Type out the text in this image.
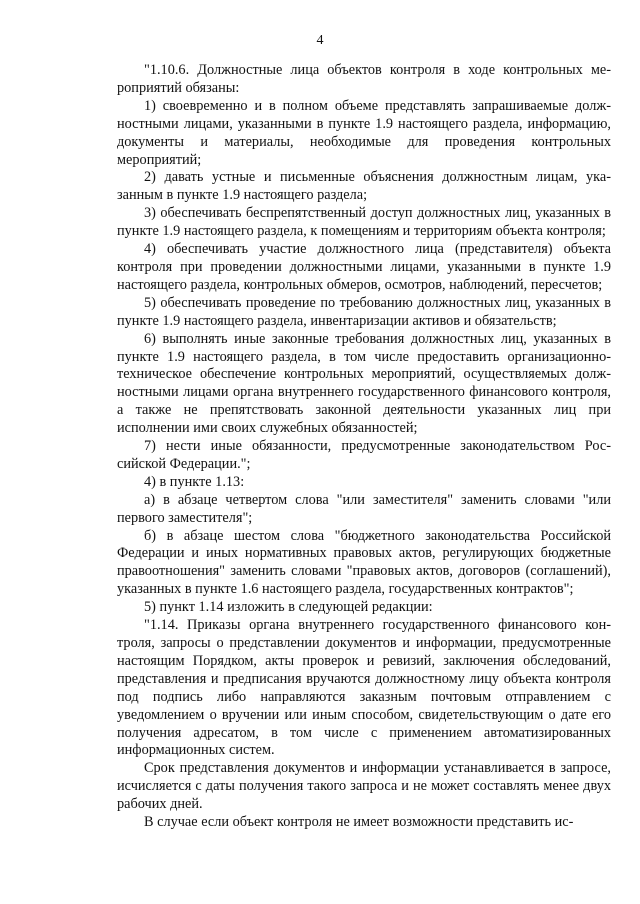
4

"1.10.6. Должностные лица объектов контроля в ходе контрольных мероприятий обязаны:

1) своевременно и в полном объеме представлять запрашиваемые должностными лицами, указанными в пункте 1.9 настоящего раздела, информацию, документы и материалы, необходимые для проведения контрольных мероприятий;

2) давать устные и письменные объяснения должностным лицам, указанным в пункте 1.9 настоящего раздела;

3) обеспечивать беспрепятственный доступ должностных лиц, указанных в пункте 1.9 настоящего раздела, к помещениям и территориям объекта контроля;

4) обеспечивать участие должностного лица (представителя) объекта контроля при проведении должностными лицами, указанными в пункте 1.9 настоящего раздела, контрольных обмеров, осмотров, наблюдений, пересчетов;

5) обеспечивать проведение по требованию должностных лиц, указанных в пункте 1.9 настоящего раздела, инвентаризации активов и обязательств;

6) выполнять иные законные требования должностных лиц, указанных в пункте 1.9 настоящего раздела, в том числе предоставить организационно-техническое обеспечение контрольных мероприятий, осуществляемых должностными лицами органа внутреннего государственного финансового контроля, а также не препятствовать законной деятельности указанных лиц при исполнении ими своих служебных обязанностей;

7) нести иные обязанности, предусмотренные законодательством Российской Федерации.";

4) в пункте 1.13:

а) в абзаце четвертом слова "или заместителя" заменить словами "или первого заместителя";

б) в абзаце шестом слова "бюджетного законодательства Российской Федерации и иных нормативных правовых актов, регулирующих бюджетные правоотношения" заменить словами "правовых актов, договоров (соглашений), указанных в пункте 1.6 настоящего раздела, государственных контрактов";

5) пункт 1.14 изложить в следующей редакции:

"1.14. Приказы органа внутреннего государственного финансового контроля, запросы о представлении документов и информации, предусмотренные настоящим Порядком, акты проверок и ревизий, заключения обследований, представления и предписания вручаются должностному лицу объекта контроля под подпись либо направляются заказным почтовым отправлением с уведомлением о вручении или иным способом, свидетельствующим о дате его получения адресатом, в том числе с применением автоматизированных информационных систем.

Срок представления документов и информации устанавливается в запросе, исчисляется с даты получения такого запроса и не может составлять менее двух рабочих дней.

В случае если объект контроля не имеет возможности представить ис-
